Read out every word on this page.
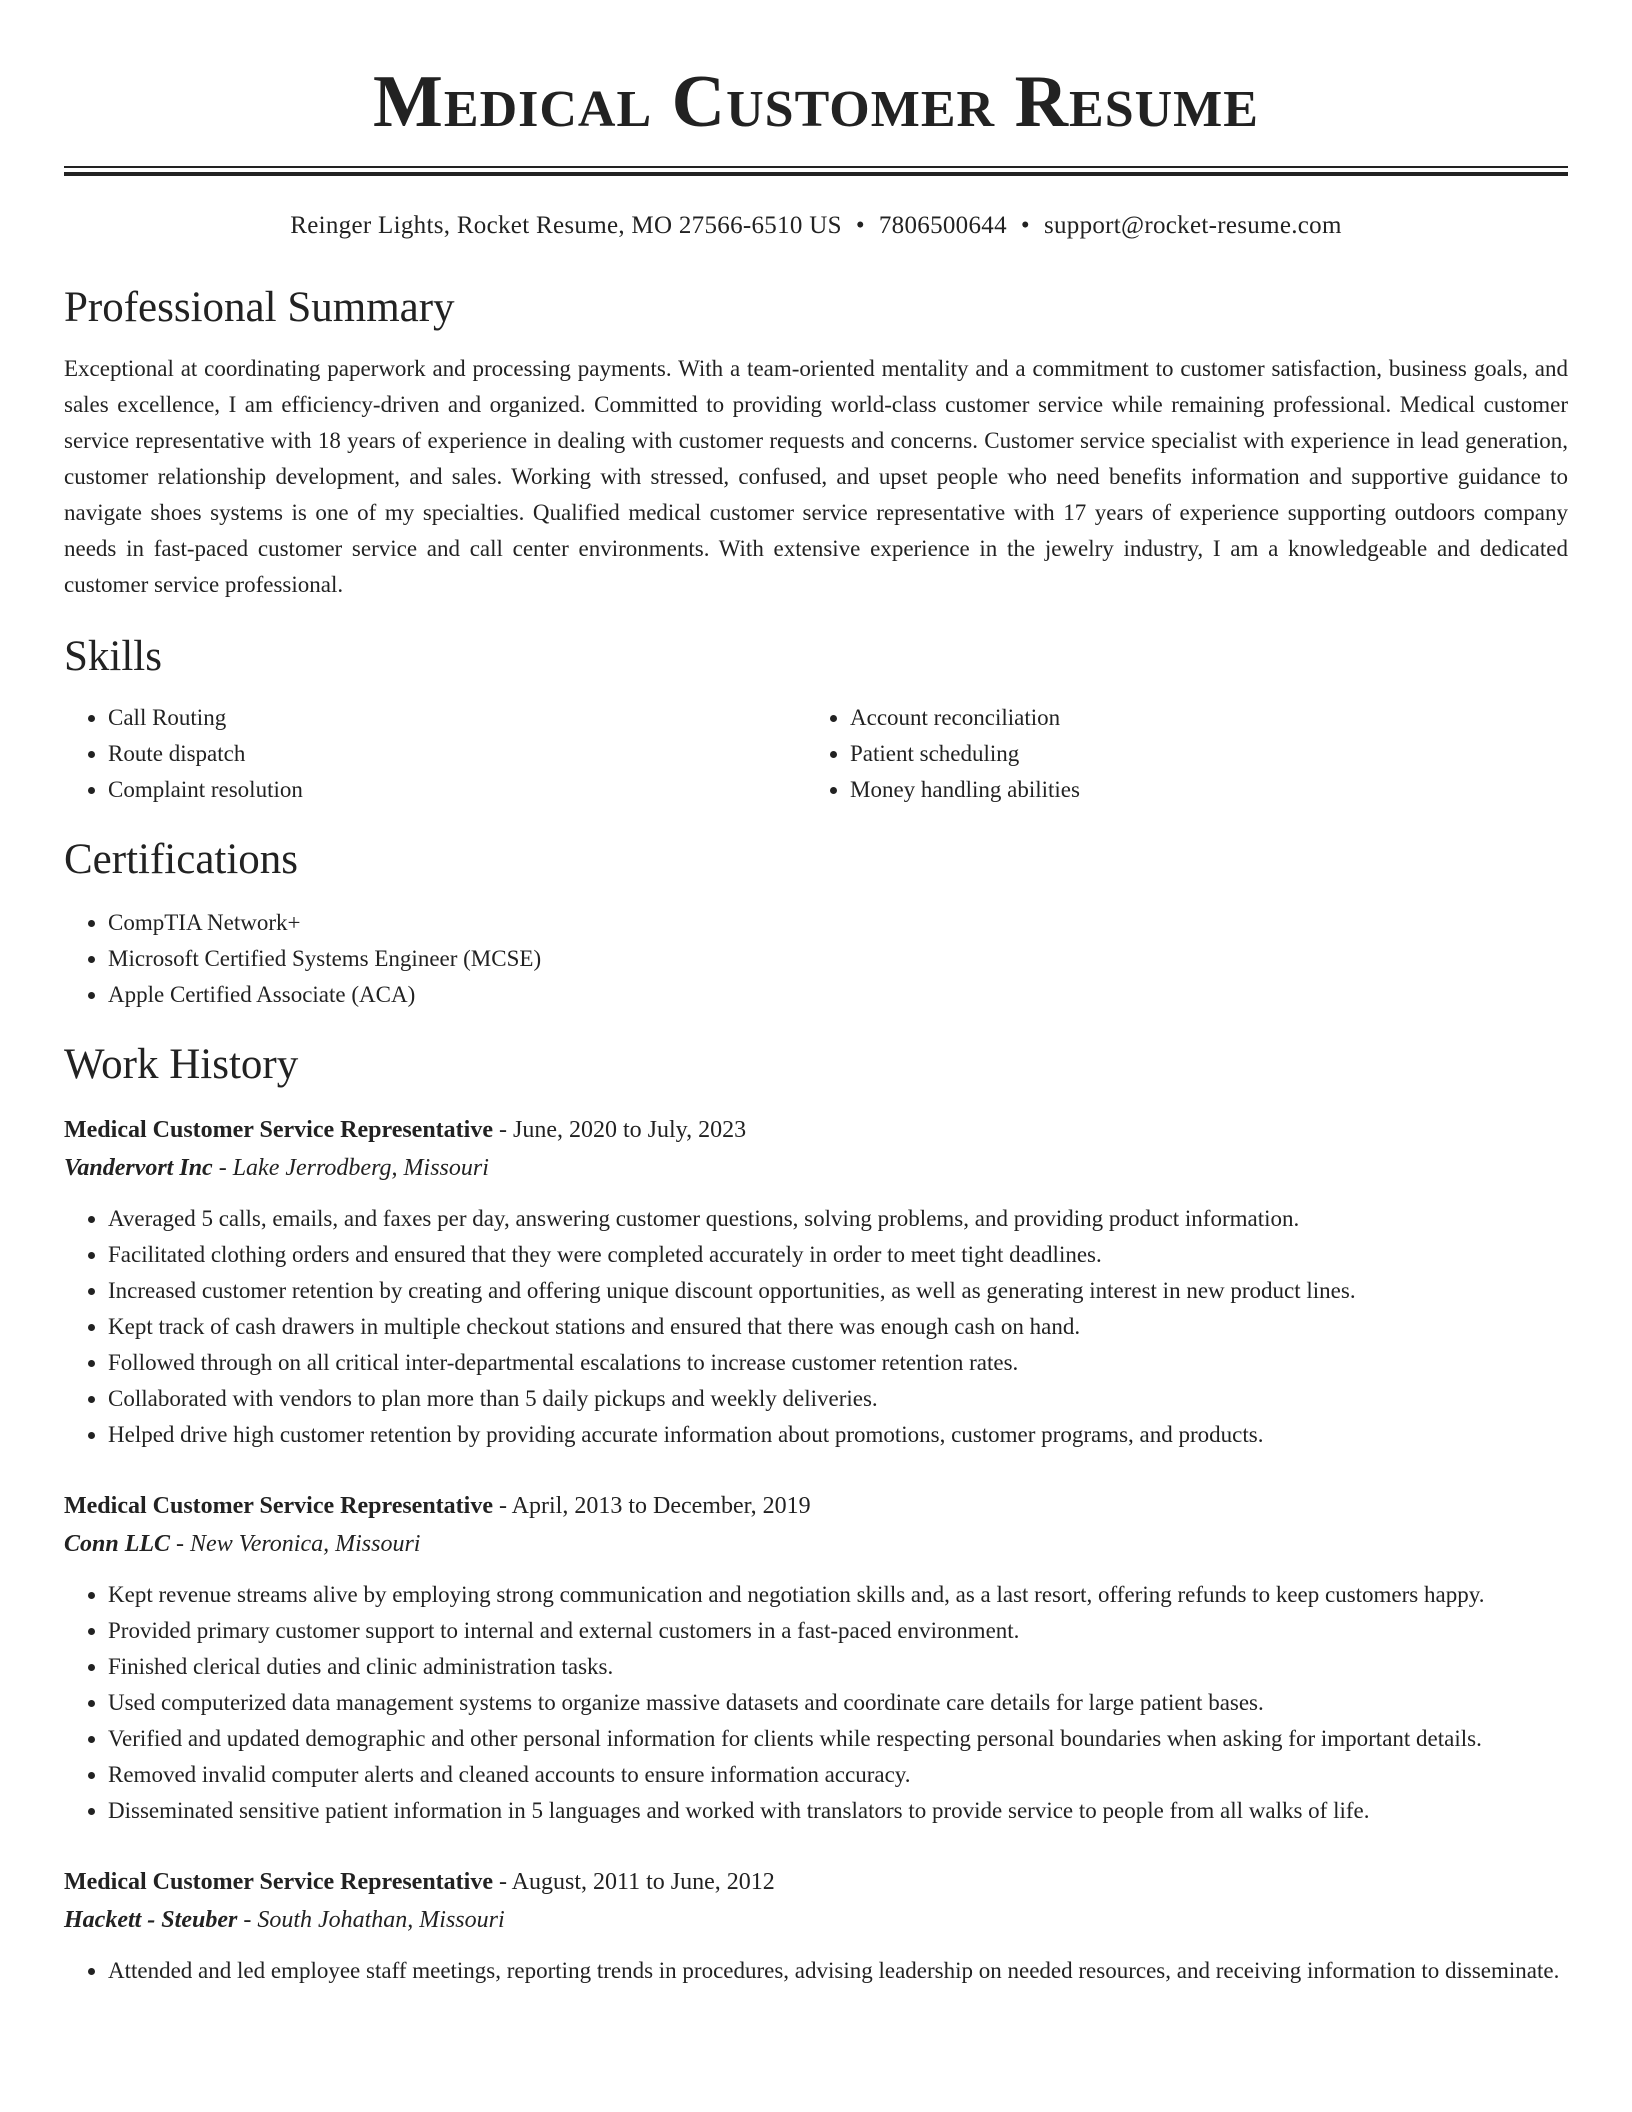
Medical Customer Resume
Reinger Lights, Rocket Resume, MO 27566-6510 US • 7806500644 • support@rocket-resume.com
Professional Summary

Exceptional at coordinating paperwork and processing payments. With a team-oriented mentality and a commitment to customer satisfaction, business goals, and sales excellence, I am efficiency-driven and organized. Committed to providing world-class customer service while remaining professional. Medical customer service representative with 18 years of experience in dealing with customer requests and concerns. Customer service specialist with experience in lead generation, customer relationship development, and sales. Working with stressed, confused, and upset people who need benefits information and supportive guidance to navigate shoes systems is one of my specialties. Qualified medical customer service representative with 17 years of experience supporting outdoors company needs in fast-paced customer service and call center environments. With extensive experience in the jewelry industry, I am a knowledgeable and dedicated customer service professional.

Skills
• Call Routing
• Route dispatch
• Complaint resolution
• Account reconciliation
• Patient scheduling
• Money handling abilities
Certifications
• CompTIA Network+
• Microsoft Certified Systems Engineer (MCSE)
• Apple Certified Associate (ACA)
Work History
Medical Customer Service Representative - June, 2020 to July, 2023
Vandervort Inc - Lake Jerrodberg, Missouri
• Averaged 5 calls, emails, and faxes per day, answering customer questions, solving problems, and providing product information.
• Facilitated clothing orders and ensured that they were completed accurately in order to meet tight deadlines.
• Increased customer retention by creating and offering unique discount opportunities, as well as generating interest in new product lines.
• Kept track of cash drawers in multiple checkout stations and ensured that there was enough cash on hand.
• Followed through on all critical inter-departmental escalations to increase customer retention rates.
• Collaborated with vendors to plan more than 5 daily pickups and weekly deliveries.
• Helped drive high customer retention by providing accurate information about promotions, customer programs, and products.
Medical Customer Service Representative - April, 2013 to December, 2019
Conn LLC - New Veronica, Missouri
• Kept revenue streams alive by employing strong communication and negotiation skills and, as a last resort, offering refunds to keep customers happy.
• Provided primary customer support to internal and external customers in a fast-paced environment.
• Finished clerical duties and clinic administration tasks.
• Used computerized data management systems to organize massive datasets and coordinate care details for large patient bases.
• Verified and updated demographic and other personal information for clients while respecting personal boundaries when asking for important details.
• Removed invalid computer alerts and cleaned accounts to ensure information accuracy.
• Disseminated sensitive patient information in 5 languages and worked with translators to provide service to people from all walks of life.
Medical Customer Service Representative - August, 2011 to June, 2012
Hackett - Steuber - South Johathan, Missouri
• Attended and led employee staff meetings, reporting trends in procedures, advising leadership on needed resources, and receiving information to disseminate.
